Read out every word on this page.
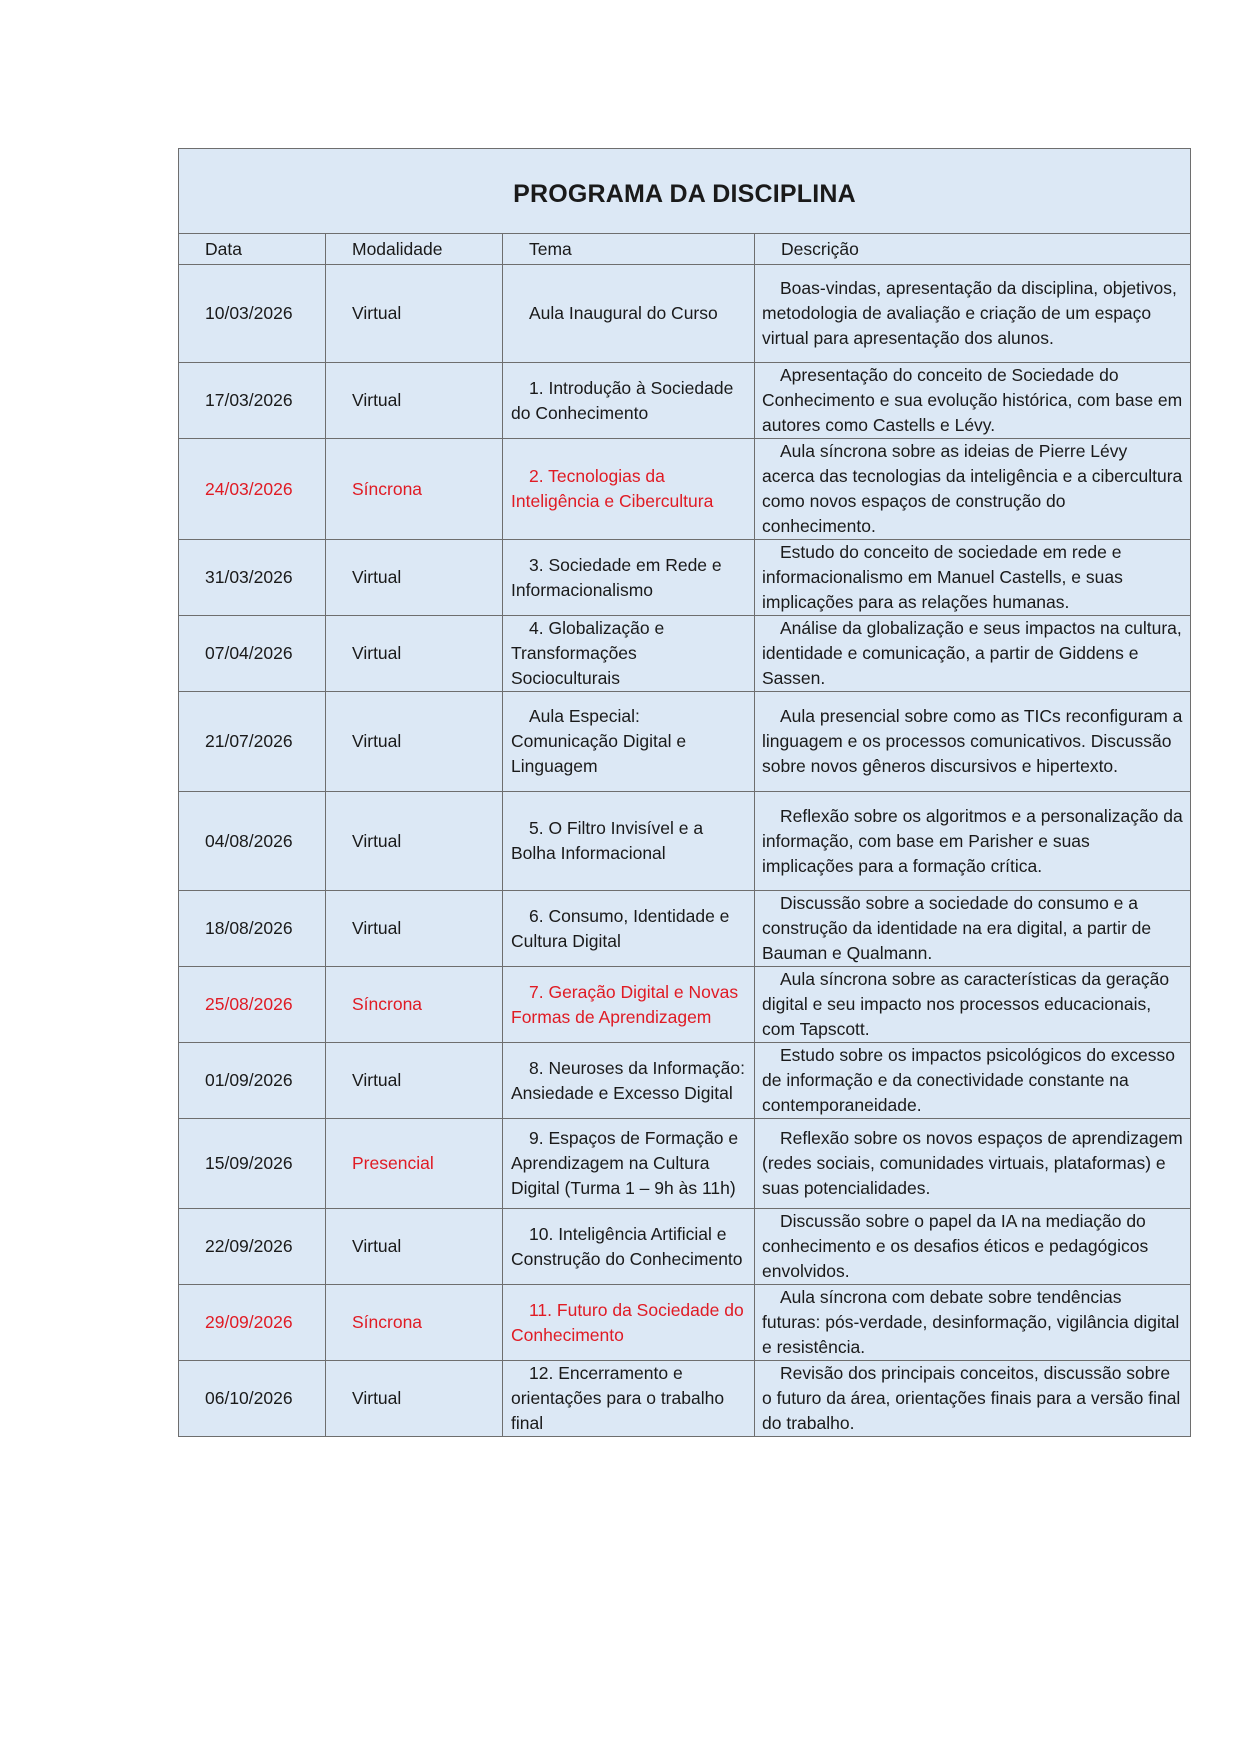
PROGRAMA DA DISCIPLINA			

Data	Modalidade	Tema	Descrição
10/03/2026	Virtual	Aula Inaugural do Curso	Boas-vindas, apresentação da disciplina, objetivos, metodologia de avaliação e criação de um espaço virtual para apresentação dos alunos.
17/03/2026	Virtual	1. Introdução à Sociedade do Conhecimento	Apresentação do conceito de Sociedade do Conhecimento e sua evolução histórica, com base em autores como Castells e Lévy.
24/03/2026	Síncrona	2. Tecnologias da Inteligência e Cibercultura	Aula síncrona sobre as ideias de Pierre Lévy acerca das tecnologias da inteligência e a cibercultura como novos espaços de construção do conhecimento.
31/03/2026	Virtual	3. Sociedade em Rede e Informacionalismo	Estudo do conceito de sociedade em rede e informacionalismo em Manuel Castells, e suas implicações para as relações humanas.
07/04/2026	Virtual	4. Globalização e Transformações Socioculturais	Análise da globalização e seus impactos na cultura, identidade e comunicação, a partir de Giddens e Sassen.
21/07/2026	Virtual	Aula Especial: Comunicação Digital e Linguagem	Aula presencial sobre como as TICs reconfiguram a linguagem e os processos comunicativos. Discussão sobre novos gêneros discursivos e hipertexto.
04/08/2026	Virtual	5. O Filtro Invisível e a Bolha Informacional	Reflexão sobre os algoritmos e a personalização da informação, com base em Parisher e suas implicações para a formação crítica.
18/08/2026	Virtual	6. Consumo, Identidade e Cultura Digital	Discussão sobre a sociedade do consumo e a construção da identidade na era digital, a partir de Bauman e Qualmann.
25/08/2026	Síncrona	7. Geração Digital e Novas Formas de Aprendizagem	Aula síncrona sobre as características da geração digital e seu impacto nos processos educacionais, com Tapscott.
01/09/2026	Virtual	8. Neuroses da Informação: Ansiedade e Excesso Digital	Estudo sobre os impactos psicológicos do excesso de informação e da conectividade constante na contemporaneidade.
15/09/2026	Presencial	9. Espaços de Formação e Aprendizagem na Cultura Digital (Turma 1 – 9h às 11h)	Reflexão sobre os novos espaços de aprendizagem (redes sociais, comunidades virtuais, plataformas) e suas potencialidades.
22/09/2026	Virtual	10. Inteligência Artificial e Construção do Conhecimento	Discussão sobre o papel da IA na mediação do conhecimento e os desafios éticos e pedagógicos envolvidos.
29/09/2026	Síncrona	11. Futuro da Sociedade do Conhecimento	Aula síncrona com debate sobre tendências futuras: pós-verdade, desinformação, vigilância digital e resistência.
06/10/2026	Virtual	12. Encerramento e orientações para o trabalho final	Revisão dos principais conceitos, discussão sobre o futuro da área, orientações finais para a versão final do trabalho.
